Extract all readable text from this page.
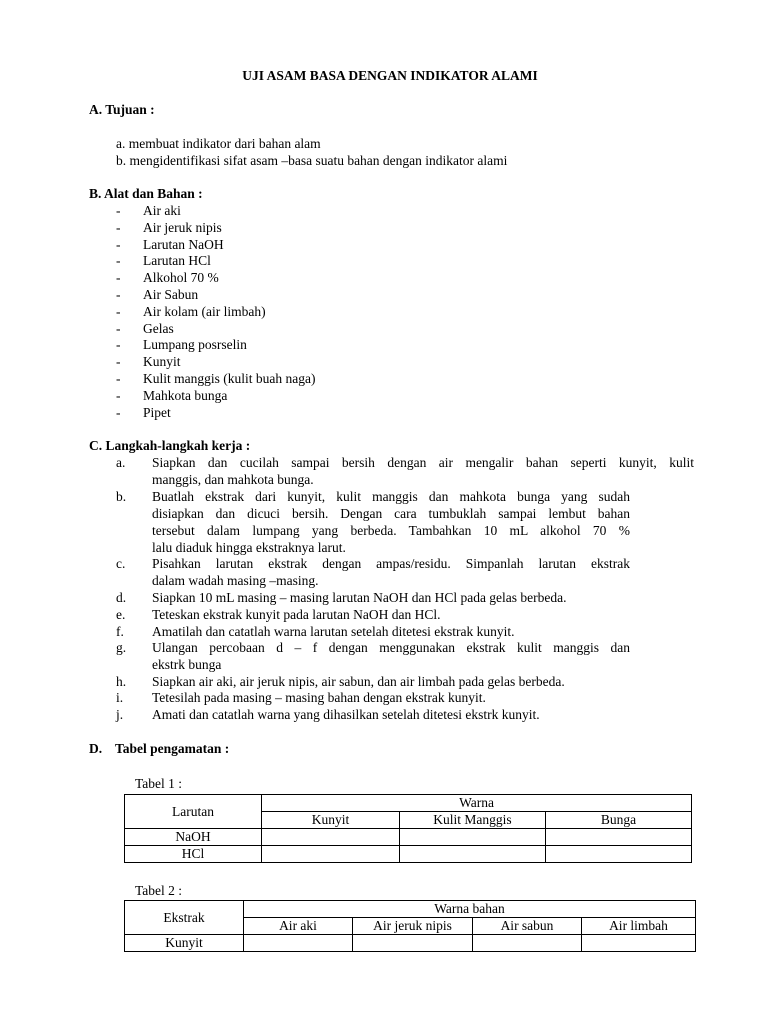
UJI ASAM BASA DENGAN INDIKATOR ALAMI
A. Tujuan :
a. membuat indikator dari bahan alam
b. mengidentifikasi sifat asam –basa suatu bahan dengan indikator alami
B. Alat dan Bahan :
- Air aki
- Air jeruk nipis
- Larutan NaOH
- Larutan HCl
- Alkohol 70 %
- Air Sabun
- Air kolam (air limbah)
- Gelas
- Lumpang posrselin
- Kunyit
- Kulit manggis (kulit buah naga)
- Mahkota bunga
- Pipet
C. Langkah-langkah kerja :
a. Siapkan dan cucilah sampai bersih dengan air mengalir bahan seperti kunyit, kulit
manggis, dan mahkota bunga.
b. Buatlah ekstrak dari kunyit, kulit manggis dan mahkota bunga yang sudah
disiapkan dan dicuci bersih. Dengan cara tumbuklah sampai lembut bahan
tersebut dalam lumpang yang berbeda. Tambahkan 10 mL alkohol 70 %
lalu diaduk hingga ekstraknya larut.
c. Pisahkan larutan ekstrak dengan ampas/residu. Simpanlah larutan ekstrak
dalam wadah masing –masing.
d. Siapkan 10 mL masing – masing larutan NaOH dan HCl pada gelas berbeda.
e. Teteskan ekstrak kunyit pada larutan NaOH dan HCl.
f. Amatilah dan catatlah warna larutan setelah ditetesi ekstrak kunyit.
g. Ulangan percobaan d – f dengan menggunakan ekstrak kulit manggis dan
ekstrk bunga
h. Siapkan air aki, air jeruk nipis, air sabun, dan air limbah pada gelas berbeda.
i. Tetesilah pada masing – masing bahan dengan ekstrak kunyit.
j. Amati dan catatlah warna yang dihasilkan setelah ditetesi ekstrk kunyit.
D. Tabel pengamatan :
Tabel 1 :
Larutan	Warna		
	Kunyit	Kulit Manggis	Bunga
NaOH			
HCl			
Tabel 2 :
Ekstrak	Warna bahan			
	Air aki	Air jeruk nipis	Air sabun	Air limbah
Kunyit				
